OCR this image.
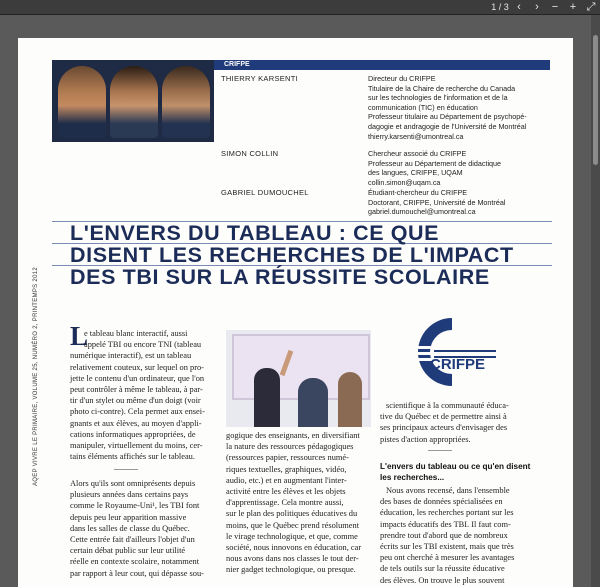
1 / 3 ‹	›	−	+ ⤢
CRIFPE
THIERRY KARSENTI	Directeur du CRIFPE
Titulaire de la Chaire de recherche du Canada
sur les technologies de l'information et de la
communication (TIC) en éducation
Professeur titulaire au Département de psychopé-
dagogie et andragogie de l'Université de Montréal
thierry.karsenti@umontreal.ca
SIMON COLLIN	Chercheur associé du CRIFPE
Professeur au Département de didactique
des langues, CRIFPE, UQAM
collin.simon@uqam.ca
GABRIEL DUMOUCHEL	Étudiant-chercheur du CRIFPE
Doctorant, CRIFPE, Université de Montréal
gabriel.dumouchel@umontreal.ca
L'ENVERS DU TABLEAU : CE QUE
DISENT LES RECHERCHES DE L'IMPACT
DES TBI SUR LA RÉUSSITE SCOLAIRE
AQEP VIVRE LE PRIMAIRE, VOLUME 25, NUMÉRO 2, PRINTEMPS 2012 L
e tableau blanc interactif, aussi
appelé TBI ou encore TNI (tableau
numérique interactif), est un tableau
relativement couteux, sur lequel on pro-
jette le contenu d'un ordinateur, que l'on
peut contrôler à même le tableau, à par-
tir d'un stylet ou même d'un doigt (voir
photo ci-contre). Cela permet aux ensei-
gnants et aux élèves, au moyen d'appli-
cations informatiques appropriées, de
manipuler, virtuellement du moins, cer-
tains éléments affichés sur le tableau.
Alors qu'ils sont omniprésents depuis
plusieurs années dans certains pays
comme le Royaume-Uni¹, les TBI font
depuis peu leur apparition massive
dans les salles de classe du Québec.
Cette entrée fait d'ailleurs l'objet d'un
certain débat public sur leur utilité
réelle en contexte scolaire, notamment
par rapport à leur cout, qui dépasse sou-
gogique des enseignants, en diversifiant
la nature des ressources pédagogiques
(ressources papier, ressources numé-
riques textuelles, graphiques, vidéo,
audio, etc.) et en augmentant l'inter-
activité entre les élèves et les objets
d'apprentissage. Cela montre aussi,
sur le plan des politiques éducatives du
moins, que le Québec prend résolument
le virage technologique, et que, comme
société, nous innovons en éducation, car
nous avons dans nos classes le tout der-
nier gadget technologique, ou presque.
CRIFPE
scientifique à la communauté éduca-
tive du Québec et de permettre ainsi à
ses principaux acteurs d'envisager des
pistes d'action appropriées.
L'envers du tableau ou ce qu'en disent
les recherches...
Nous avons recensé, dans l'ensemble
des bases de données spécialisées en
éducation, les recherches portant sur les
impacts éducatifs des TBI. Il faut com-
prendre tout d'abord que de nombreux
écrits sur les TBI existent, mais que très
peu ont cherché à mesurer les avantages
de tels outils sur la réussite éducative
des élèves. On trouve le plus souvent
